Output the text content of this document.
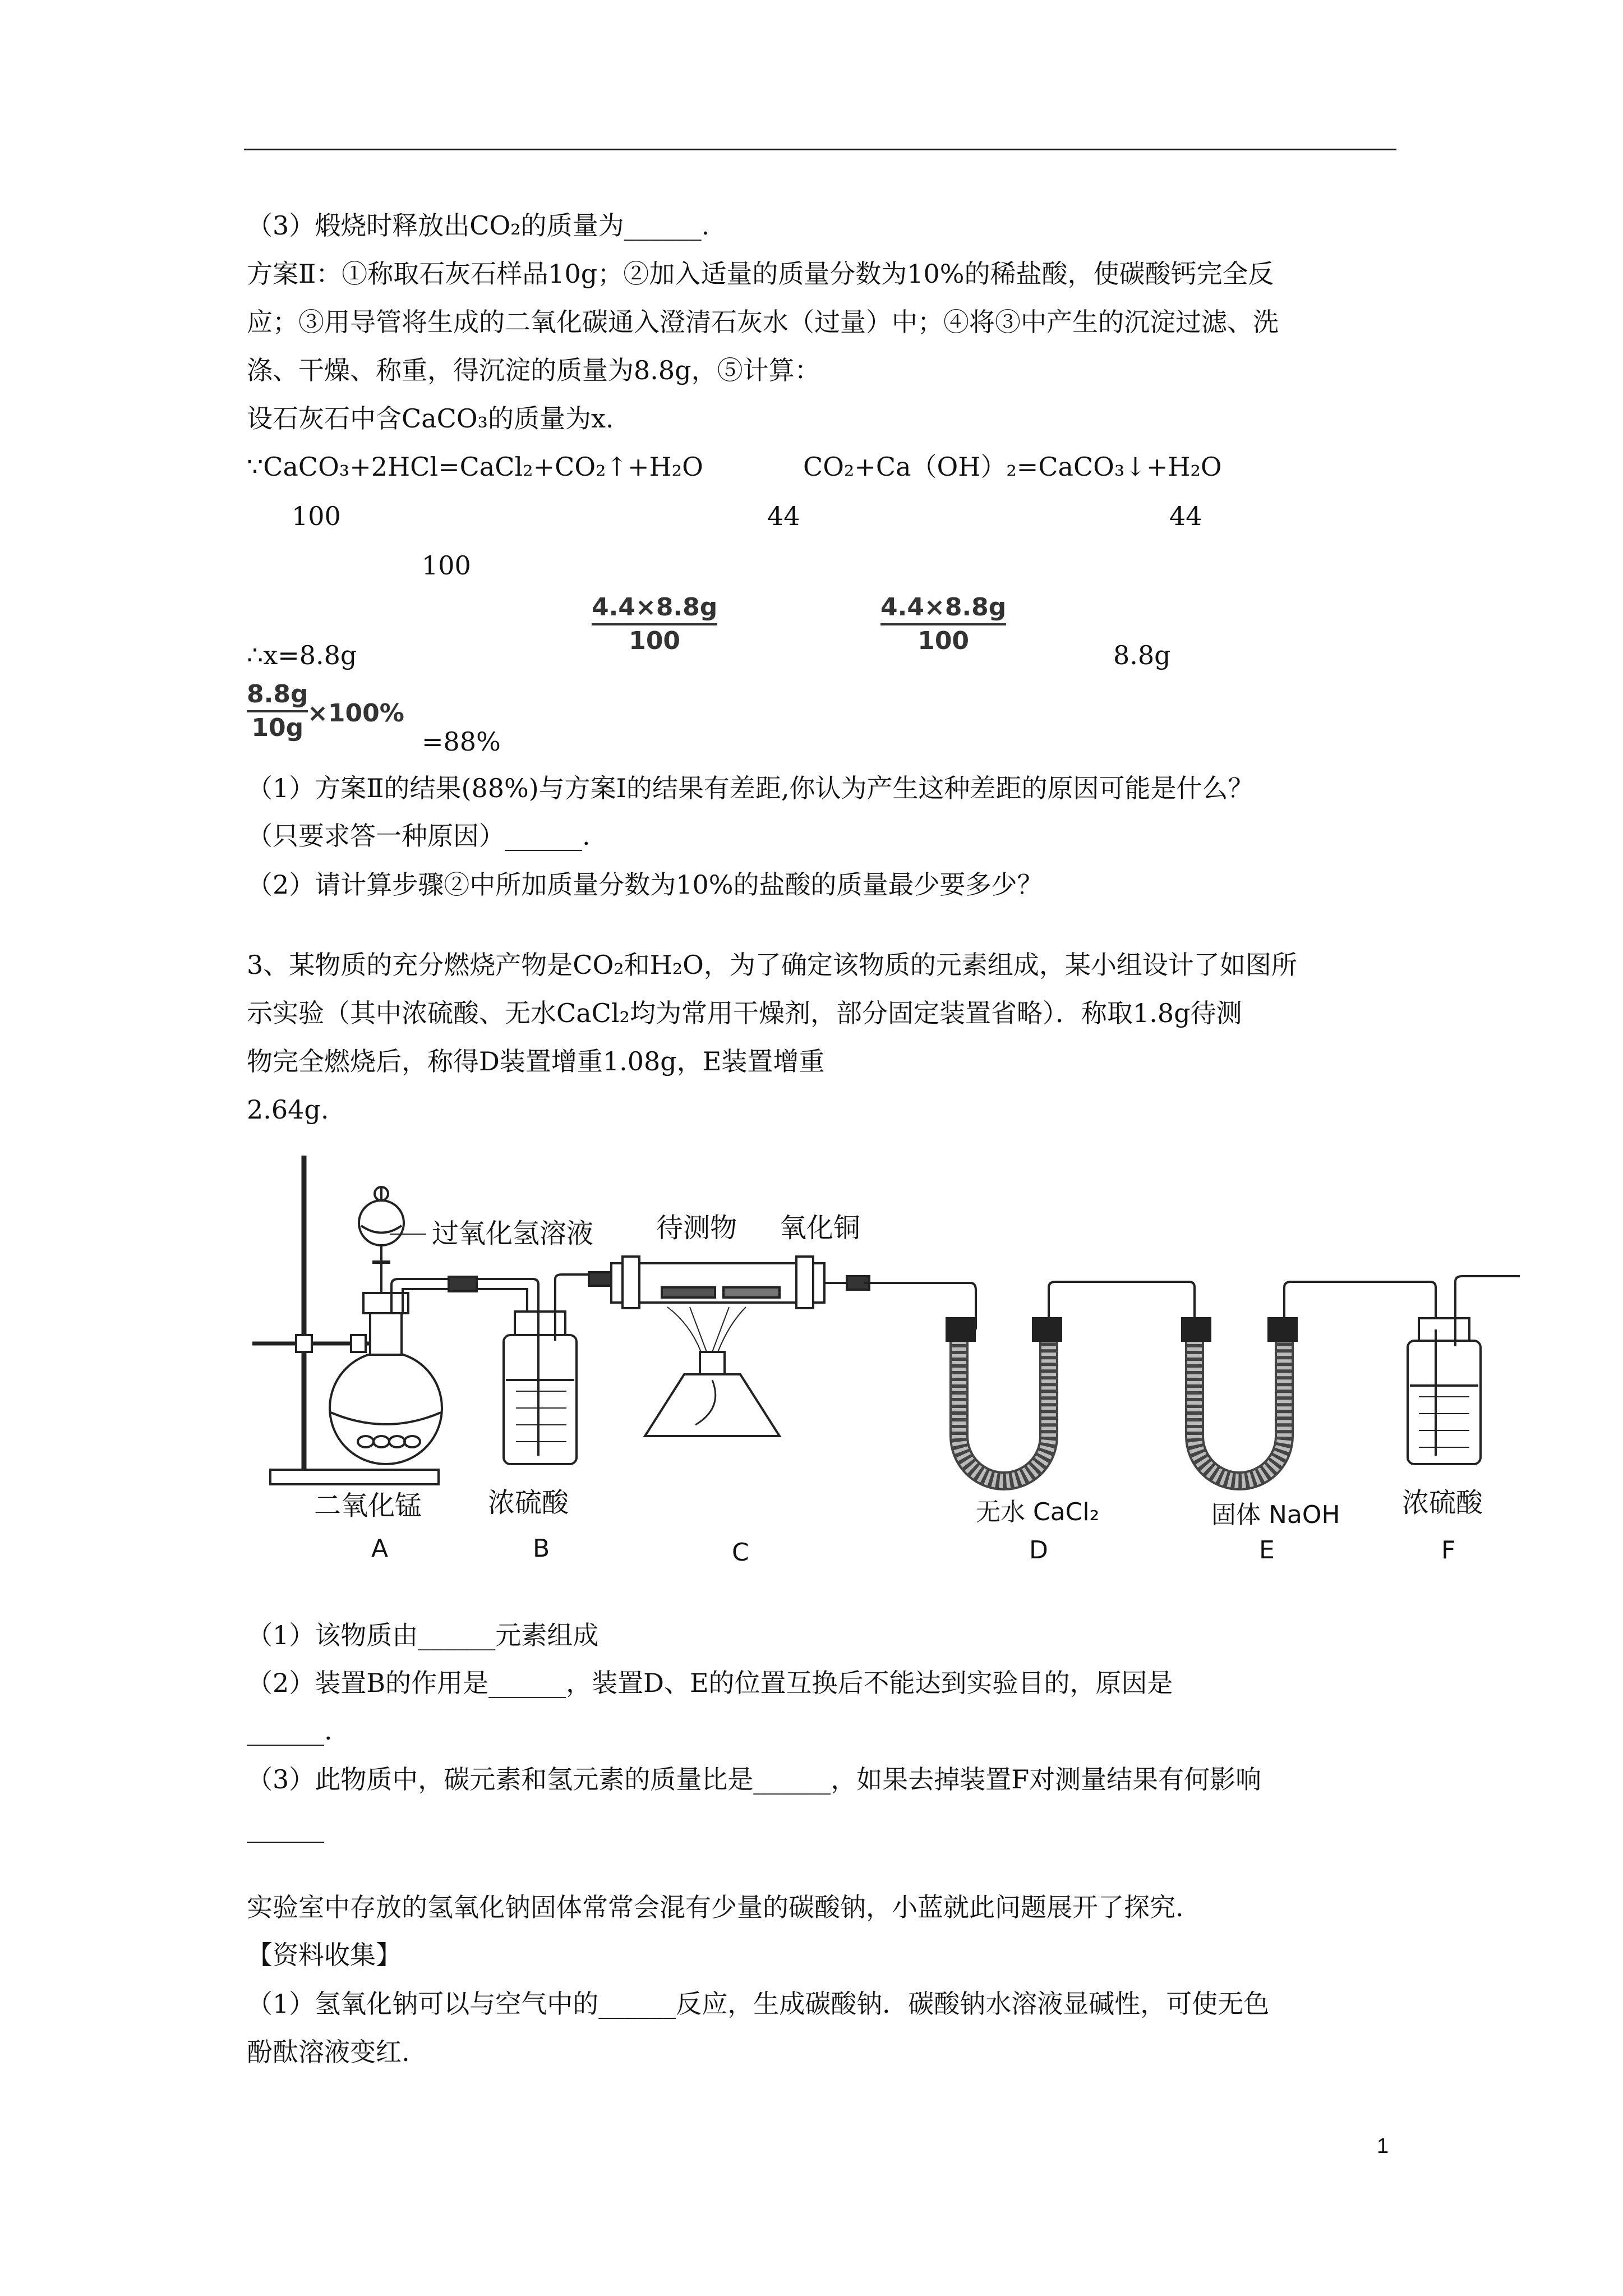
（3）煅烧时释放出CO₂的质量为______.
方案Ⅱ：①称取石灰石样品10g；②加入适量的质量分数为10%的稀盐酸，使碳酸钙完全反
应；③用导管将生成的二氧化碳通入澄清石灰水（过量）中；④将③中产生的沉淀过滤、洗
涤、干燥、称重，得沉淀的质量为8.8g，⑤计算：
设石灰石中含CaCO₃的质量为x.
∵CaCO₃+2HCl=CaCl₂+CO₂↑+H₂O	CO₂+Ca（OH）₂=CaCO₃↓+H₂O
100	44	44
100
4.4×8.8g
100
4.4×8.8g
100
∴x=8.8g	8.8g
8.8g
10g
×100%
=88%
（1）方案Ⅱ的结果(88%)与方案Ⅰ的结果有差距,你认为产生这种差距的原因可能是什么？
（只要求答一种原因）______.
（2）请计算步骤②中所加质量分数为10%的盐酸的质量最少要多少？
3、某物质的充分燃烧产物是CO₂和H₂O，为了确定该物质的元素组成，某小组设计了如图所
示实验（其中浓硫酸、无水CaCl₂均为常用干燥剂，部分固定装置省略）．称取1.8g待测
物完全燃烧后，称得D装置增重1.08g，E装置增重
2.64g.
过氧化氢溶液 待测物 氧化铜
二氧化锰 浓硫酸	无水 CaCl₂	固体 NaOH 浓硫酸
A	B	C	D	E	F
（1）该物质由______元素组成
（2）装置B的作用是______，装置D、E的位置互换后不能达到实验目的，原因是
______.
（3）此物质中，碳元素和氢元素的质量比是______，如果去掉装置F对测量结果有何影响
______
实验室中存放的氢氧化钠固体常常会混有少量的碳酸钠，小蓝就此问题展开了探究.
【资料收集】
（1）氢氧化钠可以与空气中的______反应，生成碳酸钠．碳酸钠水溶液显碱性，可使无色
酚酞溶液变红.
1
